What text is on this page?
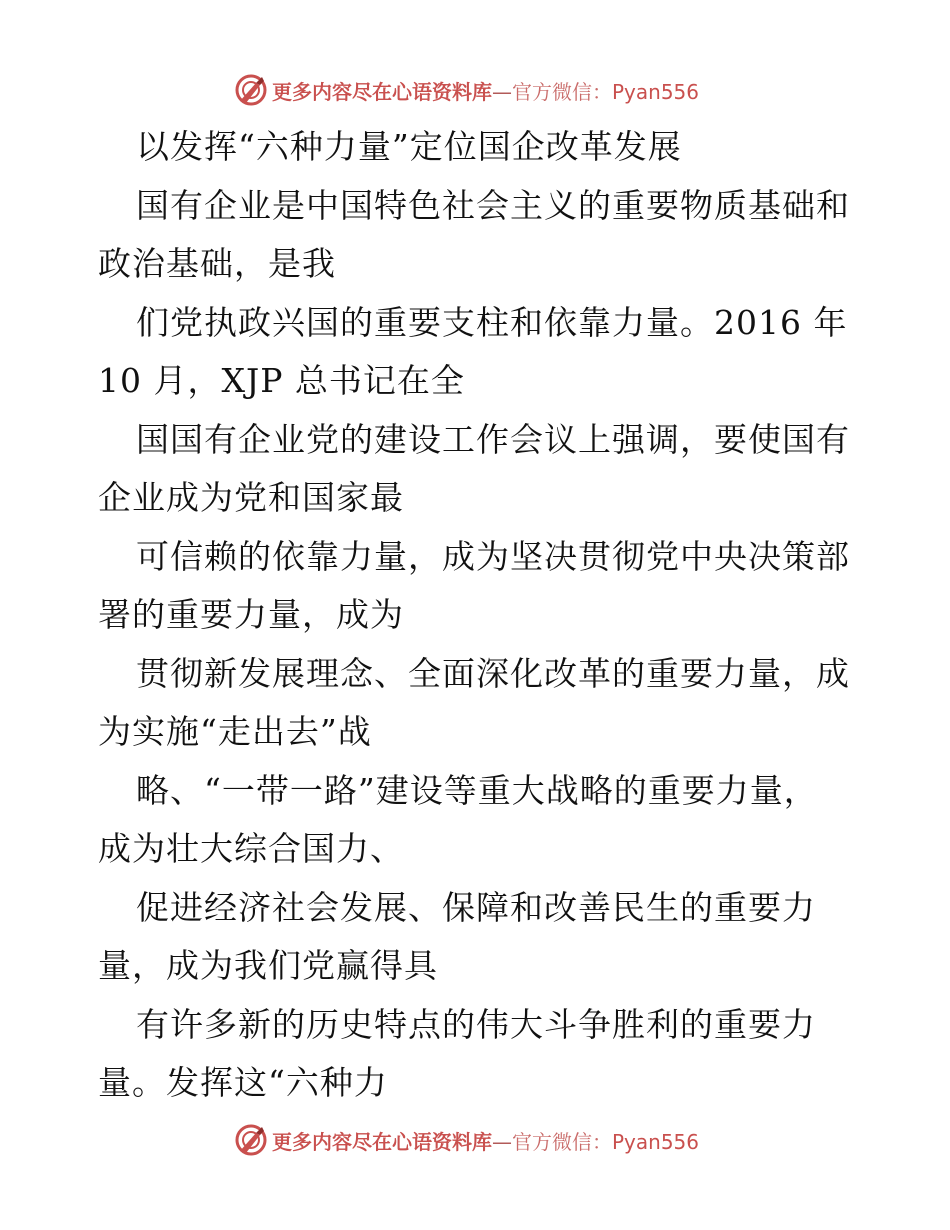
更多内容尽在心语资料库—官方微信：Pyan556
以发挥“六种力量”定位国企改革发展
国有企业是中国特色社会主义的重要物质基础和
政治基础，是我
们党执政兴国的重要支柱和依靠力量。2016 年
10 月，XJP 总书记在全
国国有企业党的建设工作会议上强调，要使国有
企业成为党和国家最
可信赖的依靠力量，成为坚决贯彻党中央决策部
署的重要力量，成为
贯彻新发展理念、全面深化改革的重要力量，成
为实施“走出去”战
略、“一带一路”建设等重大战略的重要力量，
成为壮大综合国力、
促进经济社会发展、保障和改善民生的重要力
量，成为我们党赢得具
有许多新的历史特点的伟大斗争胜利的重要力
量。发挥这“六种力
更多内容尽在心语资料库—官方微信：Pyan556
